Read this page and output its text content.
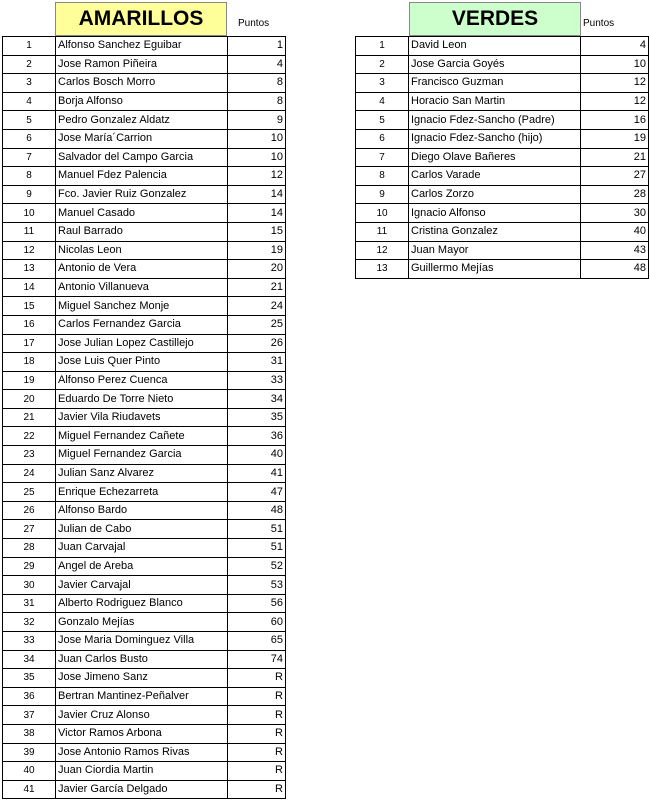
AMARILLOS	Puntos
1	Alfonso Sanchez Eguibar	1
2	Jose Ramon Piñeira	4
3	Carlos Bosch Morro	8
4	Borja Alfonso	8
5	Pedro Gonzalez Aldatz	9
6	Jose María´Carrion	10
7	Salvador del Campo Garcia	10
8	Manuel Fdez Palencia	12
9	Fco. Javier Ruiz Gonzalez	14
10	Manuel Casado	14
11	Raul Barrado	15
12	Nicolas Leon	19
13	Antonio de Vera	20
14	Antonio Villanueva	21
15	Miguel Sanchez Monje	24
16	Carlos Fernandez Garcia	25
17	Jose Julian Lopez Castillejo	26
18	Jose Luis Quer Pinto	31
19	Alfonso Perez Cuenca	33
20	Eduardo De Torre Nieto	34
21	Javier Vila Riudavets	35
22	Miguel Fernandez Cañete	36
23	Miguel Fernandez Garcia	40
24	Julian Sanz Alvarez	41
25	Enrique Echezarreta	47
26	Alfonso Bardo	48
27	Julian de Cabo	51
28	Juan Carvajal	51
29	Angel de Areba	52
30	Javier Carvajal	53
31	Alberto Rodriguez Blanco	56
32	Gonzalo Mejías	60
33	Jose Maria Dominguez Villa	65
34	Juan Carlos Busto	74
35	Jose Jimeno Sanz	R
36	Bertran Mantinez-Peñalver	R
37	Javier Cruz Alonso	R
38	Victor Ramos Arbona	R
39	Jose Antonio Ramos Rivas	R
40	Juan Ciordia Martin	R
41	Javier García Delgado	R
VERDES	Puntos
1	David Leon	4
2	Jose Garcia Goyés	10
3	Francisco Guzman	12
4	Horacio San Martin	12
5	Ignacio Fdez-Sancho (Padre)	16
6	Ignacio Fdez-Sancho (hijo)	19
7	Diego Olave Bañeres	21
8	Carlos Varade	27
9	Carlos Zorzo	28
10	Ignacio Alfonso	30
11	Cristina Gonzalez	40
12	Juan Mayor	43
13	Guillermo Mejías	48
